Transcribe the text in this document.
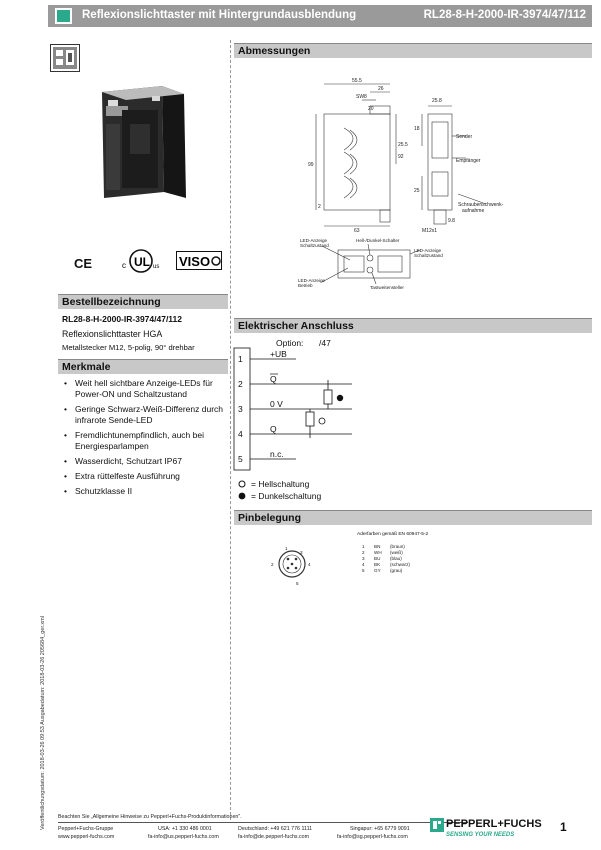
Reflexionslichttaster mit Hintergrundausblendung	RL28-8-H-2000-IR-3974/47/112
CE	UL
c	us VISO
Bestellbezeichnung
RL28-8-H-2000-IR-3974/47/112
Reflexionslichttaster HGA
Metallstecker M12, 5-polig, 90° drehbar
Merkmale
• Weit hell sichtbare Anzeige-LEDs für Power-ON und Schaltzustand
• Geringe Schwarz-Weiß-Differenz durch infrarote Sende-LED
• Fremdlichtunempfindlich, auch bei Energiesparlampen
• Wasserdicht, Schutzart IP67
• Extra rüttelfeste Ausführung
• Schutzklasse II
Abmessungen
55.5
26
SW8
20
25.8
99
25.5
92
18
25
2
63	M12x1
9.8
Sender
Empfänger
Schraubenschwenk-
aufnahme
LED-Anzeige
Schaltzustand
Hell-/Dunkel-Schalter
LED-Anzeige
Schaltzustand
LED-Anzeige
Betrieb	Tastweitensteller
Elektrischer Anschluss
Option: /47
1
2
3
4
5
+UB
Q
0 V
Q
n.c.
= Hellschaltung
= Dunkelschaltung
Pinbelegung
1
2
3
4
5
Aderfarben gemäß EN 60947-5-2
1 BN (braun)
2 WH (weiß)
3 BU (blau)
4 BK (schwarz)
5 GY (grau)
Veröffentlichungsdatum: 2018-03-26 09:53 Ausgabedatum: 2018-03-26 205684_ger.xml Beachten Sie „Allgemeine Hinweise zu Pepperl+Fuchs-Produktinformationen".
Pepperl+Fuchs-Gruppe
www.pepperl-fuchs.com
USA: +1 330 486 0001
fa-info@us.pepperl-fuchs.com
Deutschland: +49 621 776 1111
fa-info@de.pepperl-fuchs.com
Singapur: +65 6779 9091
fa-info@sg.pepperl-fuchs.com
PEPPERL+FUCHS
SENSING YOUR NEEDS
1
